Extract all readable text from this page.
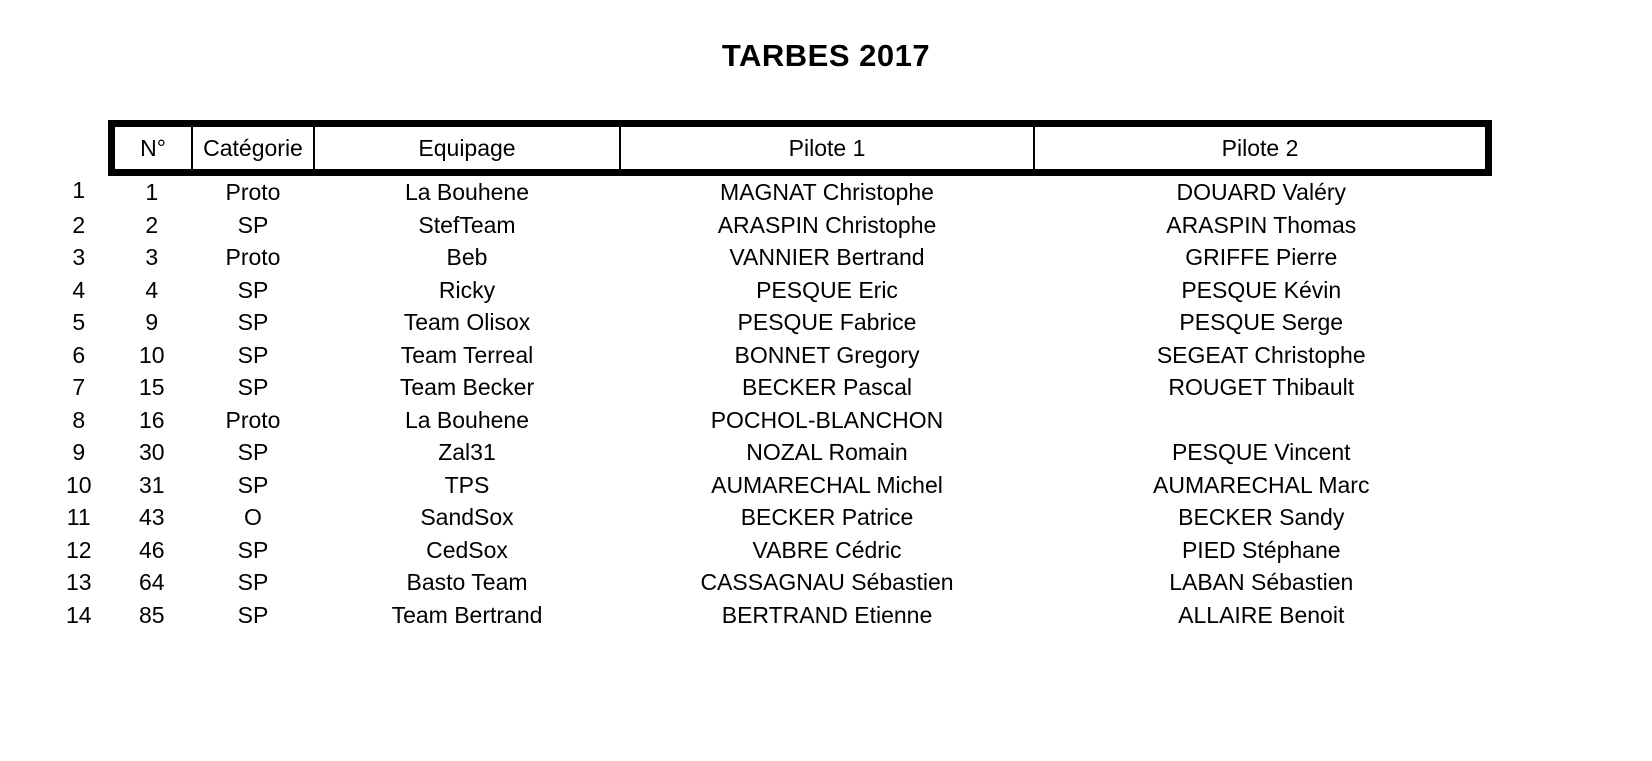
TARBES 2017
	N°	Catégorie	Equipage	Pilote 1	Pilote 2
1	1	Proto	La Bouhene	MAGNAT Christophe	DOUARD Valéry
2	2	SP	StefTeam	ARASPIN Christophe	ARASPIN Thomas
3	3	Proto	Beb	VANNIER Bertrand	GRIFFE Pierre
4	4	SP	Ricky	PESQUE Eric	PESQUE Kévin
5	9	SP	Team Olisox	PESQUE Fabrice	PESQUE Serge
6	10	SP	Team Terreal	BONNET Gregory	SEGEAT Christophe
7	15	SP	Team Becker	BECKER Pascal	ROUGET Thibault
8	16	Proto	La Bouhene	POCHOL-BLANCHON	
9	30	SP	Zal31	NOZAL Romain	PESQUE Vincent
10	31	SP	TPS	AUMARECHAL Michel	AUMARECHAL Marc
11	43	O	SandSox	BECKER Patrice	BECKER Sandy
12	46	SP	CedSox	VABRE Cédric	PIED Stéphane
13	64	SP	Basto Team	CASSAGNAU Sébastien	LABAN Sébastien
14	85	SP	Team Bertrand	BERTRAND Etienne	ALLAIRE Benoit
